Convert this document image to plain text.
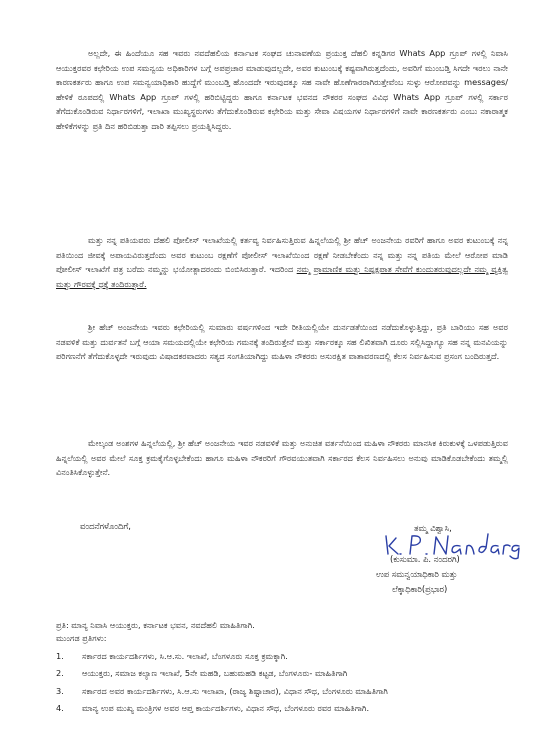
ಅಲ್ಲದೇ, ಈ ಹಿಂದೆಯೂ ಸಹ ಇವರು ನವದೆಹಲಿಯ ಕರ್ನಾಟಕ ಸಂಘದ ಚುನಾವಣೆಯ ಪ್ರಯುಕ್ತ ದೆಹಲಿ ಕನ್ನಡಿಗರ Whats App ಗ್ರೂಪ್ ಗಳಲ್ಲಿ ನಿವಾಸಿ ಆಯುಕ್ತರವರ ಕಛೇರಿಯ ಉಪ ಸಮನ್ವಯ ಅಧಿಕಾರಿಗಳ ಬಗ್ಗೆ ಅಪಪ್ರಚಾರ ಮಾಡುವುದಲ್ಲದೇ, ಅವರ ಕುಟುಂಬಕ್ಕೆ ಕಷ್ಟವಾಗಿರುತ್ತದೆಂದು, ಅವರಿಗೆ ಮುಂಬಡ್ತಿ ಸಿಗದೇ ಇರಲು ನಾನೇ ಕಾರಣಕರ್ತರು ಹಾಗೂ ಉಪ ಸಮನ್ವಯಾಧಿಕಾರಿ ಹುದ್ದೆಗೆ ಮುಂಬಡ್ತಿ ಹೊಂದದೇ ಇರುವುದಕ್ಕೂ ಸಹ ನಾವೇ ಹೊಣೆಗಾರರಾಗಿರುತ್ತೇವೆಂಬ ಸುಳ್ಳು ಆರೋಪವನ್ನು messages/ಹೇಳಿಕೆ ರೂಪದಲ್ಲಿ Whats App ಗ್ರೂಪ್ ಗಳಲ್ಲಿ ಹರಿಬಿಟ್ಟಿದ್ದರು ಹಾಗೂ ಕರ್ನಾಟಕ ಭವನದ ನೌಕರರ ಸಂಘದ ವಿವಿಧ Whats App ಗ್ರೂಪ್ ಗಳಲ್ಲಿ ಸರ್ಕಾರ ತೆಗೆದುಕೊಂಡಿರುವ ನಿರ್ಧಾರಗಳಿಗೆ, ಇಲಾಖಾ ಮುಖ್ಯಸ್ಥರುಗಳು ತೆಗೆದುಕೊಂಡಿರುವ ಕಛೇರಿಯ ಮತ್ತು ಸೇವಾ ವಿಷಯಗಳ ನಿರ್ಧಾರಗಳಿಗೆ ನಾವೇ ಕಾರಣಕರ್ತರು ಎಂಬು ನಕಾರಾತ್ಮಕ ಹೇಳಿಕೆಗಳನ್ನು ಪ್ರತಿ ದಿನ ಹರಿಬಿಡುತ್ತಾ ದಾರಿ ತಪ್ಪಿಸಲು ಪ್ರಯತ್ನಿಸಿದ್ದರು.

ಮತ್ತು ನನ್ನ ಪತಿಯವರು ದೆಹಲಿ ಪೋಲೀಸ್ ಇಲಾಖೆಯಲ್ಲಿ ಕರ್ತವ್ಯ ನಿರ್ವಹಿಸುತ್ತಿರುವ ಹಿನ್ನಲೆಯಲ್ಲಿ ಶ್ರೀ ಹೆಚ್ ಅಂಜನೇಯ ರವರಿಗೆ ಹಾಗೂ ಅವರ ಕುಟುಂಬಕ್ಕೆ ನನ್ನ ಪತಿಯಿಂದ ಜೀವಕ್ಕೆ ಅಪಾಯವಿರುತ್ತದೆಂದು ಅವರ ಕುಟುಂಬ ರಕ್ಷಣೆಗೆ ಪೋಲೀಸ್ ಇಲಾಖೆಯಿಂದ ರಕ್ಷಣೆ ನೀಡಬೇಕೆಂದು ನನ್ನ ಮತ್ತು ನನ್ನ ಪತಿಯ ಮೇಲೆ ಆರೋಪ ಮಾಡಿ ಪೋಲೀಸ್ ಇಲಾಖೆಗೆ ಪತ್ರ ಬರೆದು ನಮ್ಮನ್ನು ಭಯೋತ್ಪಾದರಂದು ಬಿಂಬಿಸಿರುತ್ತಾರೆ. ಇದರಿಂದ ನಮ್ಮ ಪ್ರಾಮಾಣಿಕ ಮತ್ತು ನಿಷ್ಪಕ್ಷಪಾತ ಸೇವೆಗೆ ಕುಂದುತರುವುದಲ್ಲದೇ ನಮ್ಮ ವ್ಯಕ್ತಿತ್ವ ಮತ್ತು ಗೌರವಕ್ಕೆ ಧಕ್ಕೆ ತಂದಿರುತ್ತಾರೆ.

ಶ್ರೀ ಹೆಚ್ ಅಂಜನೇಯ ಇವರು ಕಛೇರಿಯಲ್ಲಿ ಸುಮಾರು ವರ್ಷಗಳಿಂದ ಇದೇ ರೀತಿಯಲ್ಲಿಯೇ ದುರ್ನಡತೆಯಿಂದ ನಡೆದುಕೊಳ್ಳುತ್ತಿದ್ದು, ಪ್ರತಿ ಬಾರಿಯು ಸಹ ಅವರ ನಡವಳಿಕೆ ಮತ್ತು ದುರ್ವತನೆ ಬಗ್ಗೆ ಆಯಾ ಸಮಯದಲ್ಲಿಯೇ ಕಛೇರಿಯ ಗಮನಕ್ಕೆ ತಂದಿರುತ್ತೇನೆ ಮತ್ತು ಸರ್ಕಾರಕ್ಕೂ ಸಹ ಲಿಖಿತವಾಗಿ ದೂರು ಸಲ್ಲಿಸಿದ್ದಾಗ್ಯೂ ಸಹ ನನ್ನ ಮನವಿಯನ್ನು ಪರಿಗಣನೆಗೆ ತೆಗೆದುಕೊಳ್ಳದೇ ಇರುವುದು ವಿಷಾದಕರವಾದರು ಸತ್ಯದ ಸಂಗತಿಯಾಗಿದ್ದು ಮಹಿಳಾ ನೌಕರರು ಅಸುರಕ್ಷಿತ ವಾತಾವರಣದಲ್ಲಿ ಕೆಲಸ ನಿರ್ವಹಿಸುವ ಪ್ರಸಂಗ ಬಂದಿರುತ್ತದೆ.

ಮೇಲ್ಕಂಡ ಅಂಶಗಳ ಹಿನ್ನಲೆಯಲ್ಲಿ, ಶ್ರೀ ಹೆಚ್ ಅಂಜನೇಯ ಇವರ ನಡವಳಿಕೆ ಮತ್ತು ಅನುಚಿತ ವರ್ತನೆಯಿಂದ ಮಹಿಳಾ ನೌಕರರು ಮಾನಸಿಕ ಕಿರುಕುಳಕ್ಕೆ ಒಳಪಡುತ್ತಿರುವ ಹಿನ್ನಲೆಯಲ್ಲಿ ಅವರ ಮೇಲೆ ಸೂಕ್ತ ಕ್ರಮಕೈಗೊಳ್ಳಬೇಕೆಂದು ಹಾಗೂ ಮಹಿಳಾ ನೌಕರರಿಗೆ ಗೌರವಯುತವಾಗಿ ಸರ್ಕಾರದ ಕೆಲಸ ನಿರ್ವಹಿಸಲು ಅನುವು ಮಾಡಿಕೊಡಬೇಕೆಂದು ತಮ್ಮಲ್ಲಿ ವಿನಂತಿಸಿಕೊಳ್ಳುತ್ತೇನೆ.

ವಂದನೆಗಳೊಂದಿಗೆ,	ತಮ್ಮ ವಿಶ್ವಾಸಿ,
(ಕುಸುಮಾ. ಪಿ. ನಂದರಗಿ)
ಉಪ ಸಮನ್ವಯಾಧಿಕಾರಿ ಮತ್ತು
ಲೆಕ್ಕಾಧಿಕಾರಿ(ಪ್ರಭಾರ)
ಪ್ರತಿ: ಮಾನ್ಯ ನಿವಾಸಿ ಆಯುಕ್ತರು, ಕರ್ನಾಟಕ ಭವನ, ನವದೆಹಲಿ ಮಾಹಿತಿಗಾಗಿ.
ಮುಂಗಡ ಪ್ರತಿಗಳು:
1. ಸರ್ಕಾರದ ಕಾರ್ಯದರ್ಶಿಗಳು, ಸಿ.ಆ.ಸು. ಇಲಾಖೆ, ಬೆಂಗಳೂರು ಸೂಕ್ತ ಕ್ರಮಕ್ಕಾಗಿ.
2. ಆಯುಕ್ತರು, ಸಮಾಜ ಕಲ್ಯಾಣ ಇಲಾಖೆ, 5ನೇ ಮಹಡಿ, ಬಹುಮಹಡಿ ಕಟ್ಟಡ, ಬೆಂಗಳೂರು- ಮಾಹಿತಿಗಾಗಿ
3. ಸರ್ಕಾರದ ಅವರ ಕಾರ್ಯದರ್ಶಿಗಳು, ಸಿ.ಆ.ಸು ಇಲಾಖಾ, (ರಾಜ್ಯ ಶಿಷ್ಟಾಚಾರ), ವಿಧಾನ ಸೌಧ, ಬೆಂಗಳೂರು ಮಾಹಿತಿಗಾಗಿ
4. ಮಾನ್ಯ ಉಪ ಮುಖ್ಯ ಮಂತ್ರಿಗಳ ಅವರ ಆಪ್ತ ಕಾರ್ಯದರ್ಶಿಗಳು, ವಿಧಾನ ಸೌಧ, ಬೆಂಗಳೂರು ರವರ ಮಾಹಿತಿಗಾಗಿ.
